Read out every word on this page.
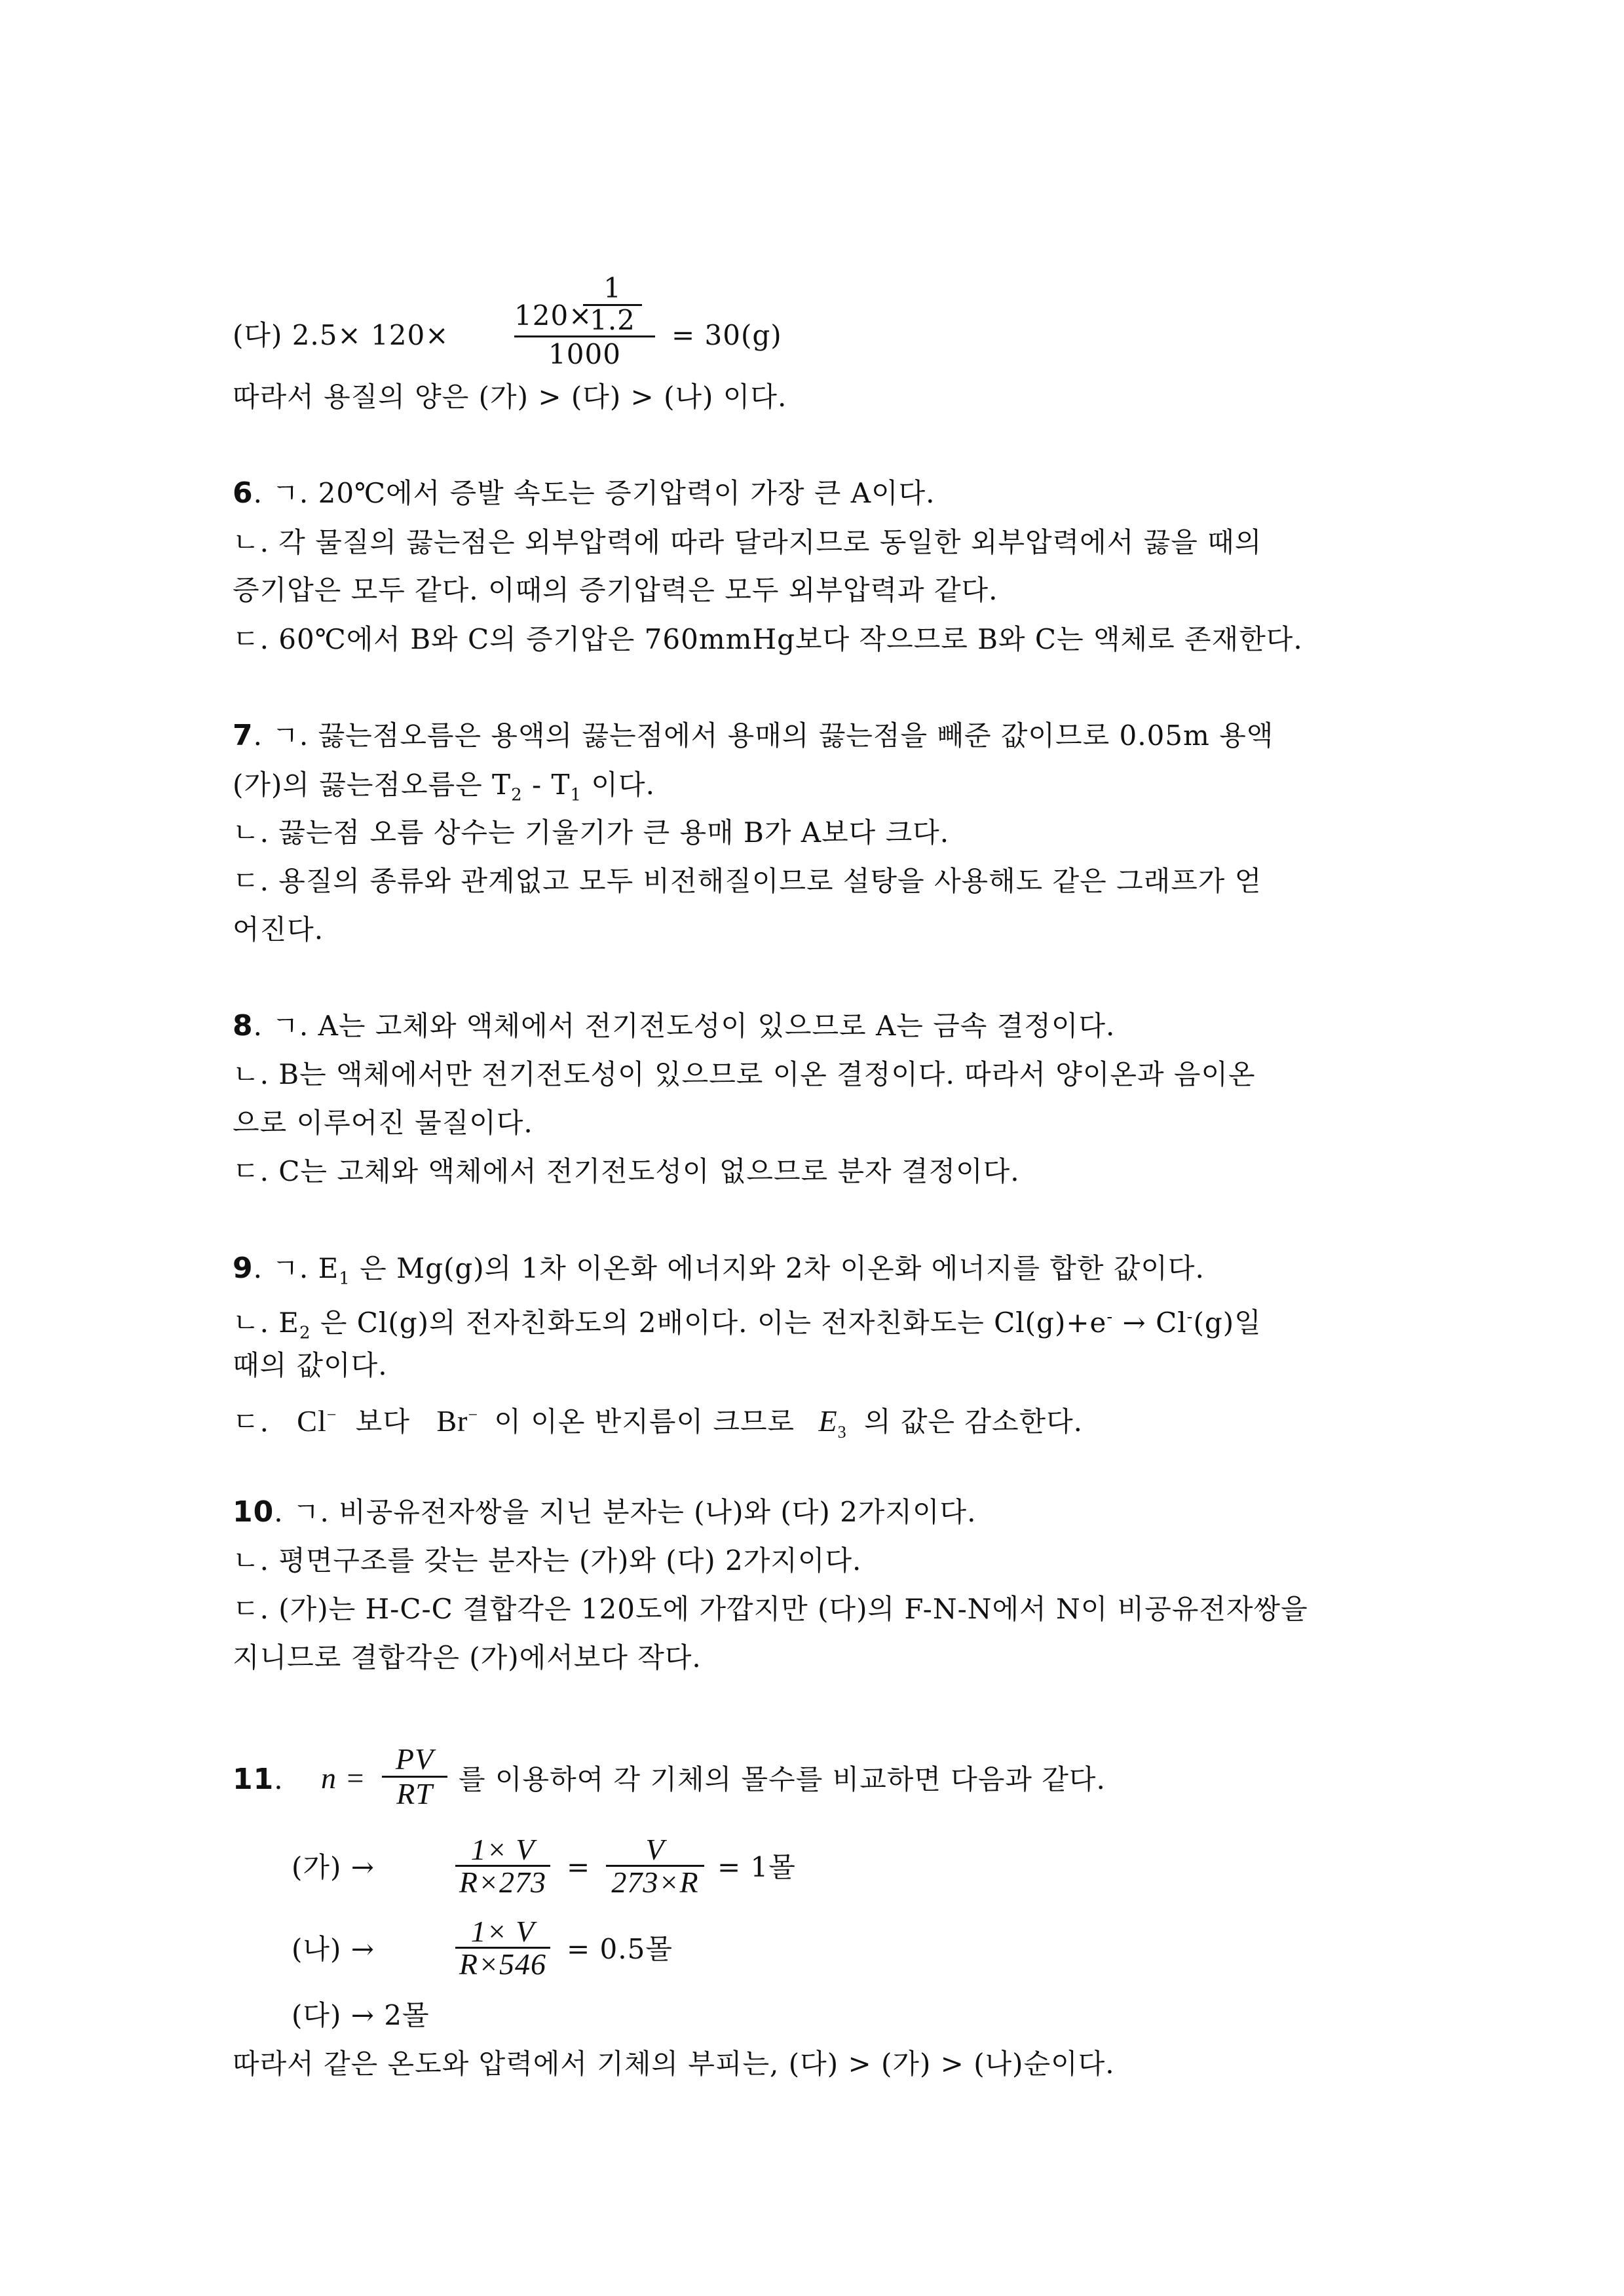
(다) 2.5× 120×
120×
1
1.2
1000
= 30(g)
따라서 용질의 양은 (가) > (다) > (나) 이다.
6. ㄱ. 20℃에서 증발 속도는 증기압력이 가장 큰 A이다.
ㄴ. 각 물질의 끓는점은 외부압력에 따라 달라지므로 동일한 외부압력에서 끓을 때의
증기압은 모두 같다. 이때의 증기압력은 모두 외부압력과 같다.
ㄷ. 60℃에서 B와 C의 증기압은 760mmHg보다 작으므로 B와 C는 액체로 존재한다.
7. ㄱ. 끓는점오름은 용액의 끓는점에서 용매의 끓는점을 빼준 값이므로 0.05m 용액
(가)의 끓는점오름은 $T_2 - T_1$ 이다.
ㄴ. 끓는점 오름 상수는 기울기가 큰 용매 B가 A보다 크다.
ㄷ. 용질의 종류와 관계없고 모두 비전해질이므로 설탕을 사용해도 같은 그래프가 얻
어진다.
8. ㄱ. A는 고체와 액체에서 전기전도성이 있으므로 A는 금속 결정이다.
ㄴ. B는 액체에서만 전기전도성이 있으므로 이온 결정이다. 따라서 양이온과 음이온
으로 이루어진 물질이다.
ㄷ. C는 고체와 액체에서 전기전도성이 없으므로 분자 결정이다.
9. ㄱ. $E_1$ 은 Mg(g)의 1차 이온화 에너지와 2차 이온화 에너지를 합한 값이다.
ㄴ. $E_2$ 은 Cl(g)의 전자친화도의 2배이다. 이는 전자친화도는 Cl(g)+e- → Cl-(g)일
때의 값이다.
ㄷ. Cl− 보다 Br− 이 이온 반지름이 크므로 $E_3$ 의 값은 감소한다.
10. ㄱ. 비공유전자쌍을 지닌 분자는 (나)와 (다) 2가지이다.
ㄴ. 평면구조를 갖는 분자는 (가)와 (다) 2가지이다.
ㄷ. (가)는 H-C-C 결합각은 120도에 가깝지만 (다)의 F-N-N에서 N이 비공유전자쌍을
지니므로 결합각은 (가)에서보다 작다.
11. n =
PV
RT 를 이용하여 각 기체의 몰수를 비교하면 다음과 같다.
(가) →	$\frac{1\times V}{R\times 273}$ =
V
273×R = 1몰
(나) →	$\frac{1\times V}{R\times 546} = 0.5$몰
(다) → 2몰
따라서 같은 온도와 압력에서 기체의 부피는, (다) > (가) > (나)순이다.
